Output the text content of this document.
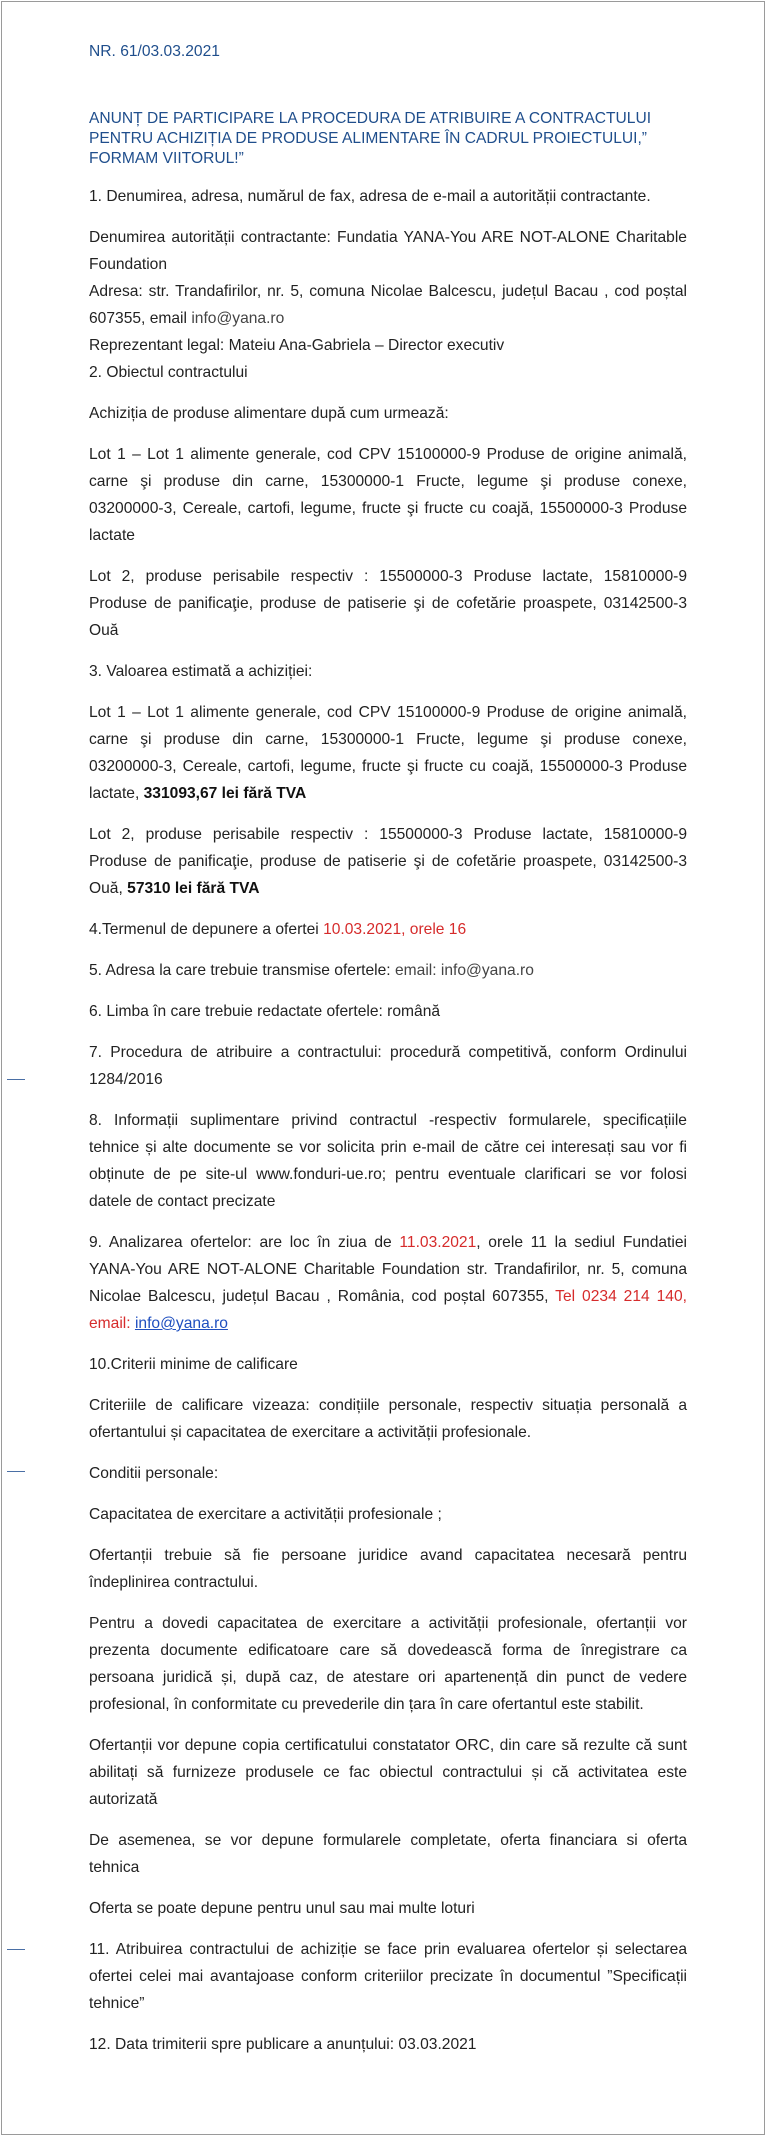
NR. 61/03.03.2021
ANUNȚ DE PARTICIPARE LA PROCEDURA DE ATRIBUIRE A CONTRACTULUI PENTRU ACHIZIȚIA DE PRODUSE ALIMENTARE ÎN CADRUL PROIECTULUI,” FORMAM VIITORUL!”
1. Denumirea, adresa, numărul de fax, adresa de e-mail a autorității contractante.
Denumirea autorității contractante: Fundatia YANA-You ARE NOT-ALONE Charitable Foundation
Adresa: str. Trandafirilor, nr. 5, comuna Nicolae Balcescu, județul Bacau , cod poștal 607355, email info@yana.ro
Reprezentant legal: Mateiu Ana-Gabriela – Director executiv
2. Obiectul contractului
Achiziția de produse alimentare după cum urmează:
Lot 1 – Lot 1 alimente generale, cod CPV 15100000-9 Produse de origine animală, carne şi produse din carne, 15300000-1 Fructe, legume şi produse conexe, 03200000-3, Cereale, cartofi, legume, fructe şi fructe cu coajă, 15500000-3 Produse lactate
Lot 2, produse perisabile respectiv : 15500000-3 Produse lactate, 15810000-9 Produse de panificaţie, produse de patiserie şi de cofetărie proaspete, 03142500-3 Ouă
3. Valoarea estimată a achiziției:
Lot 1 – Lot 1 alimente generale, cod CPV 15100000-9 Produse de origine animală, carne şi produse din carne, 15300000-1 Fructe, legume şi produse conexe, 03200000-3, Cereale, cartofi, legume, fructe şi fructe cu coajă, 15500000-3 Produse lactate, 331093,67 lei fără TVA
Lot 2, produse perisabile respectiv : 15500000-3 Produse lactate, 15810000-9 Produse de panificaţie, produse de patiserie şi de cofetărie proaspete, 03142500-3 Ouă, 57310 lei fără TVA
4.Termenul de depunere a ofertei 10.03.2021, orele 16
5. Adresa la care trebuie transmise ofertele: email: info@yana.ro
6. Limba în care trebuie redactate ofertele: română
7. Procedura de atribuire a contractului: procedură competitivă, conform Ordinului 1284/2016
8. Informații suplimentare privind contractul -respectiv formularele, specificațiile tehnice și alte documente se vor solicita prin e-mail de către cei interesați sau vor fi obținute de pe site-ul www.fonduri-ue.ro; pentru eventuale clarificari se vor folosi datele de contact precizate
9. Analizarea ofertelor: are loc în ziua de 11.03.2021, orele 11 la sediul Fundatiei YANA-You ARE NOT-ALONE Charitable Foundation str. Trandafirilor, nr. 5, comuna Nicolae Balcescu, județul Bacau , România, cod poștal 607355, Tel 0234 214 140, email: info@yana.ro
10.Criterii minime de calificare
Criteriile de calificare vizeaza: condițiile personale, respectiv situația personală a ofertantului și capacitatea de exercitare a activității profesionale.
Conditii personale:
Capacitatea de exercitare a activității profesionale ;
Ofertanții trebuie să fie persoane juridice avand capacitatea necesară pentru îndeplinirea contractului.
Pentru a dovedi capacitatea de exercitare a activității profesionale, ofertanții vor prezenta documente edificatoare care să dovedească forma de înregistrare ca persoana juridică și, după caz, de atestare ori apartenență din punct de vedere profesional, în conformitate cu prevederile din țara în care ofertantul este stabilit.
Ofertanții vor depune copia certificatului constatator ORC, din care să rezulte că sunt abilitați să furnizeze produsele ce fac obiectul contractului și că activitatea este autorizată
De asemenea, se vor depune formularele completate, oferta financiara si oferta tehnica
Oferta se poate depune pentru unul sau mai multe loturi
11. Atribuirea contractului de achiziție se face prin evaluarea ofertelor și selectarea ofertei celei mai avantajoase conform criteriilor precizate în documentul ”Specificații tehnice”
12. Data trimiterii spre publicare a anunțului: 03.03.2021
